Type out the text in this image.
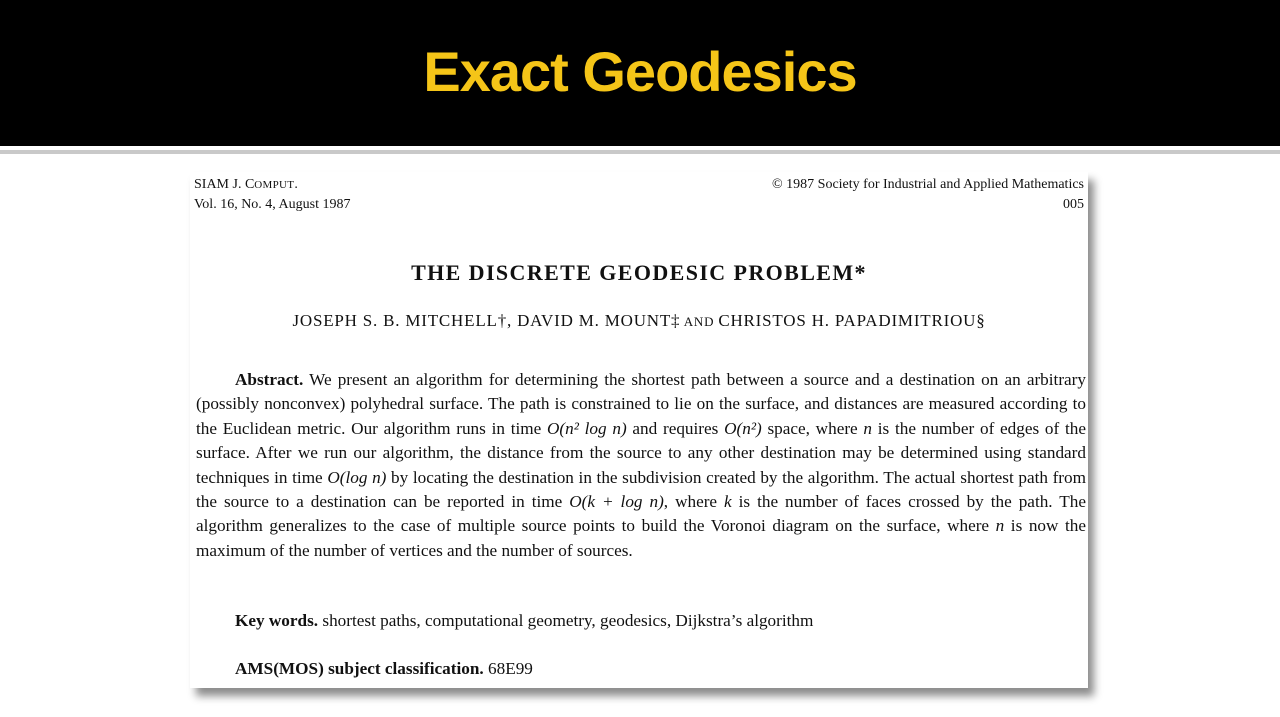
Exact Geodesics
SIAM J. COMPUT.
Vol. 16, No. 4, August 1987
© 1987 Society for Industrial and Applied Mathematics
005
THE DISCRETE GEODESIC PROBLEM*
JOSEPH S. B. MITCHELL†, DAVID M. MOUNT‡ AND CHRISTOS H. PAPADIMITRIOU§

Abstract. We present an algorithm for determining the shortest path between a source and a destination on an arbitrary (possibly nonconvex) polyhedral surface. The path is constrained to lie on the surface, and distances are measured according to the Euclidean metric. Our algorithm runs in time O(n² log n) and requires O(n²) space, where n is the number of edges of the surface. After we run our algorithm, the distance from the source to any other destination may be determined using standard techniques in time O(log n) by locating the destination in the subdivision created by the algorithm. The actual shortest path from the source to a destination can be reported in time O(k + log n), where k is the number of faces crossed by the path. The algorithm generalizes to the case of multiple source points to build the Voronoi diagram on the surface, where n is now the maximum of the number of vertices and the number of sources.

Key words. shortest paths, computational geometry, geodesics, Dijkstra’s algorithm
AMS(MOS) subject classification. 68E99
